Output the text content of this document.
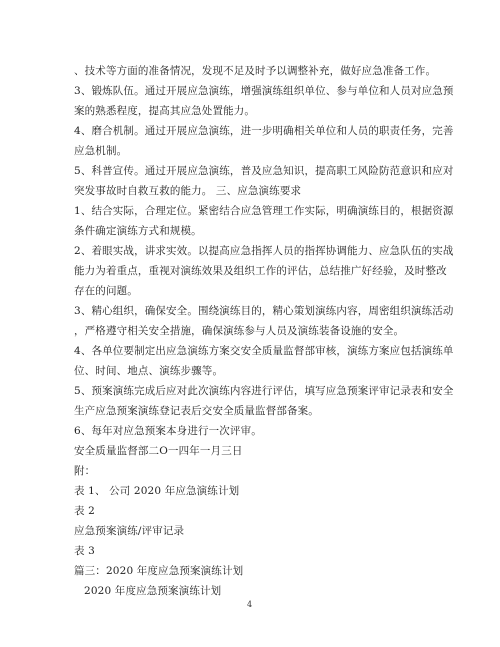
、技术等方面的准备情况，发现不足及时予以调整补充，做好应急准备工作。
3、锻炼队伍。通过开展应急演练，增强演练组织单位、参与单位和人员对应急预
案的熟悉程度，提高其应急处置能力。
4、磨合机制。通过开展应急演练，进一步明确相关单位和人员的职责任务，完善
应急机制。
5、科普宣传。通过开展应急演练，普及应急知识，提高职工风险防范意识和应对
突发事故时自救互救的能力。 三、应急演练要求
1、结合实际，合理定位。紧密结合应急管理工作实际，明确演练目的，根据资源
条件确定演练方式和规模。
2、着眼实战，讲求实效。以提高应急指挥人员的指挥协调能力、应急队伍的实战
能力为着重点，重视对演练效果及组织工作的评估，总结推广好经验，及时整改
存在的问题。
3、精心组织，确保安全。围绕演练目的，精心策划演练内容，周密组织演练活动
，严格遵守相关安全措施，确保演练参与人员及演练装备设施的安全。
4、各单位要制定出应急演练方案交安全质量监督部审核，演练方案应包括演练单
位、时间、地点、演练步骤等。
5、预案演练完成后应对此次演练内容进行评估，填写应急预案评审记录表和安全
生产应急预案演练登记表后交安全质量监督部备案。
6、每年对应急预案本身进行一次评审。
安全质量监督部二O一四年一月三日
附：
表 1、 公司 2020 年应急演练计划
表 2
应急预案演练/评审记录
表 3
篇三：2020 年度应急预案演练计划
2020 年度应急预案演练计划
4
